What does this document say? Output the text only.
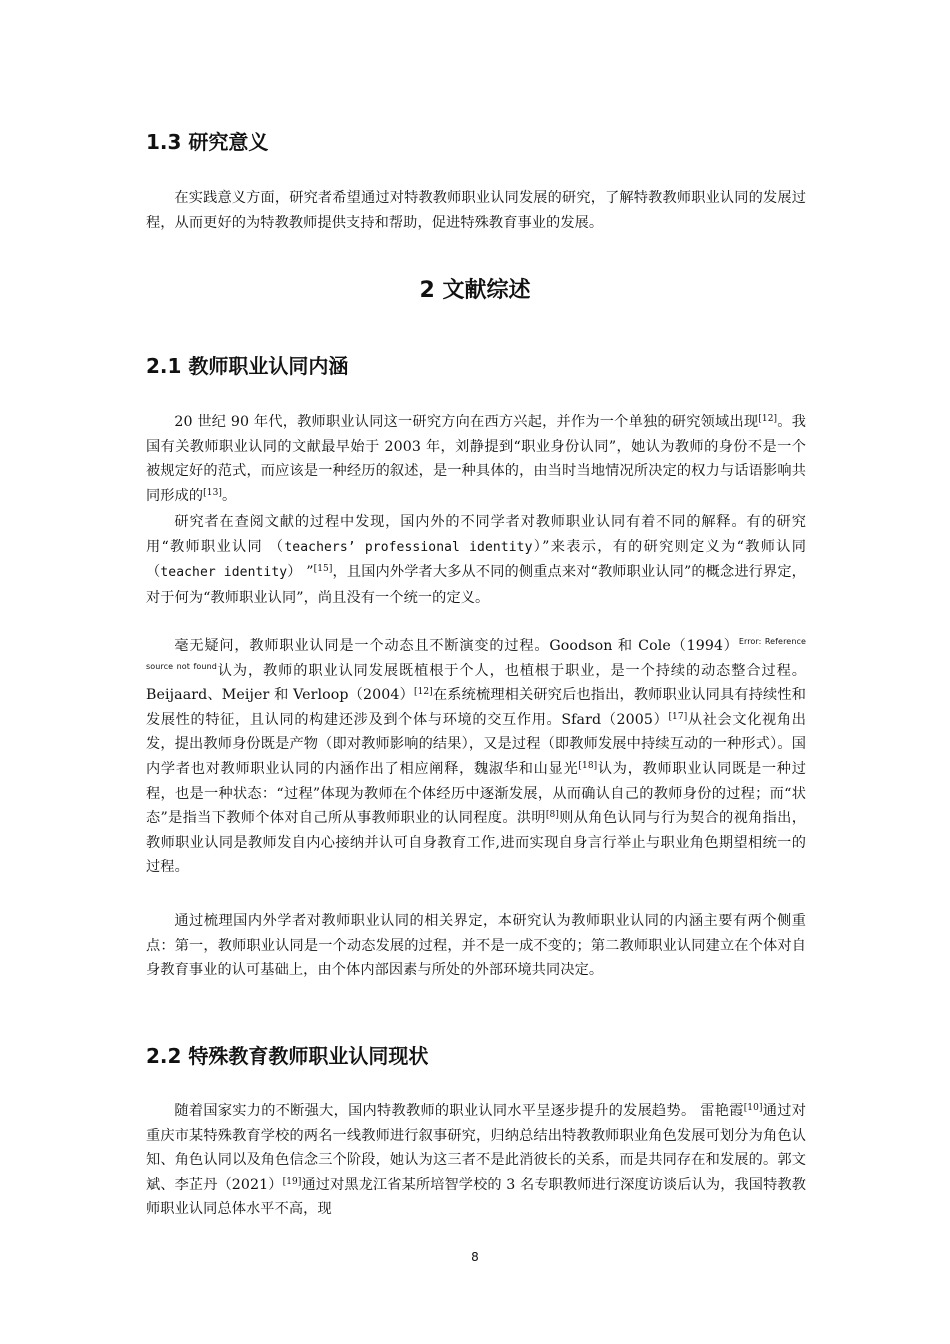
1.3 研究意义

在实践意义方面，研究者希望通过对特教教师职业认同发展的研究，了解特教教师职业认同的发展过程，从而更好的为特教教师提供支持和帮助，促进特殊教育事业的发展。

2 文献综述
2.1 教师职业认同内涵

20 世纪 90 年代，教师职业认同这一研究方向在西方兴起，并作为一个单独的研究领域出现[12]。我国有关教师职业认同的文献最早始于 2003 年，刘静提到“职业身份认同”，她认为教师的身份不是一个被规定好的范式，而应该是一种经历的叙述，是一种具体的，由当时当地情况所决定的权力与话语影响共同形成的[13]。

研究者在查阅文献的过程中发现，国内外的不同学者对教师职业认同有着不同的解释。有的研究用“教师职业认同 （teachers’ professional identity）”来表示，有的研究则定义为“教师认同（teacher identity） ”[15]，且国内外学者大多从不同的侧重点来对“教师职业认同”的概念进行界定，对于何为“教师职业认同”，尚且没有一个统一的定义。

毫无疑问，教师职业认同是一个动态且不断演变的过程。Goodson 和 $Cole(1994)^{Error: Reference source not found}$认为，教师的职业认同发展既植根于个人，也植根于职业，是一个持续的动态整合过程。Beijaard、Meijer 和 Verloop（2004）[12]在系统梳理相关研究后也指出，教师职业认同具有持续性和发展性的特征，且认同的构建还涉及到个体与环境的交互作用。Sfard（2005）[17]从社会文化视角出发，提出教师身份既是产物（即对教师影响的结果），又是过程（即教师发展中持续互动的一种形式）。国内学者也对教师职业认同的内涵作出了相应阐释，魏淑华和山显光[18]认为，教师职业认同既是一种过程，也是一种状态：“过程”体现为教师在个体经历中逐渐发展，从而确认自己的教师身份的过程；而“状态”是指当下教师个体对自己所从事教师职业的认同程度。洪明[8]则从角色认同与行为契合的视角指出，教师职业认同是教师发自内心接纳并认可自身教育工作,进而实现自身言行举止与职业角色期望相统一的过程。

通过梳理国内外学者对教师职业认同的相关界定，本研究认为教师职业认同的内涵主要有两个侧重点：第一，教师职业认同是一个动态发展的过程，并不是一成不变的；第二教师职业认同建立在个体对自身教育事业的认可基础上，由个体内部因素与所处的外部环境共同决定。

2.2 特殊教育教师职业认同现状

随着国家实力的不断强大，国内特教教师的职业认同水平呈逐步提升的发展趋势。 雷艳霞[10]通过对重庆市某特殊教育学校的两名一线教师进行叙事研究，归纳总结出特教教师职业角色发展可划分为角色认知、角色认同以及角色信念三个阶段，她认为这三者不是此消彼长的关系，而是共同存在和发展的。郭文斌、李芷丹（2021）[19]通过对黑龙江省某所培智学校的 3 名专职教师进行深度访谈后认为，我国特教教师职业认同总体水平不高，现

8
